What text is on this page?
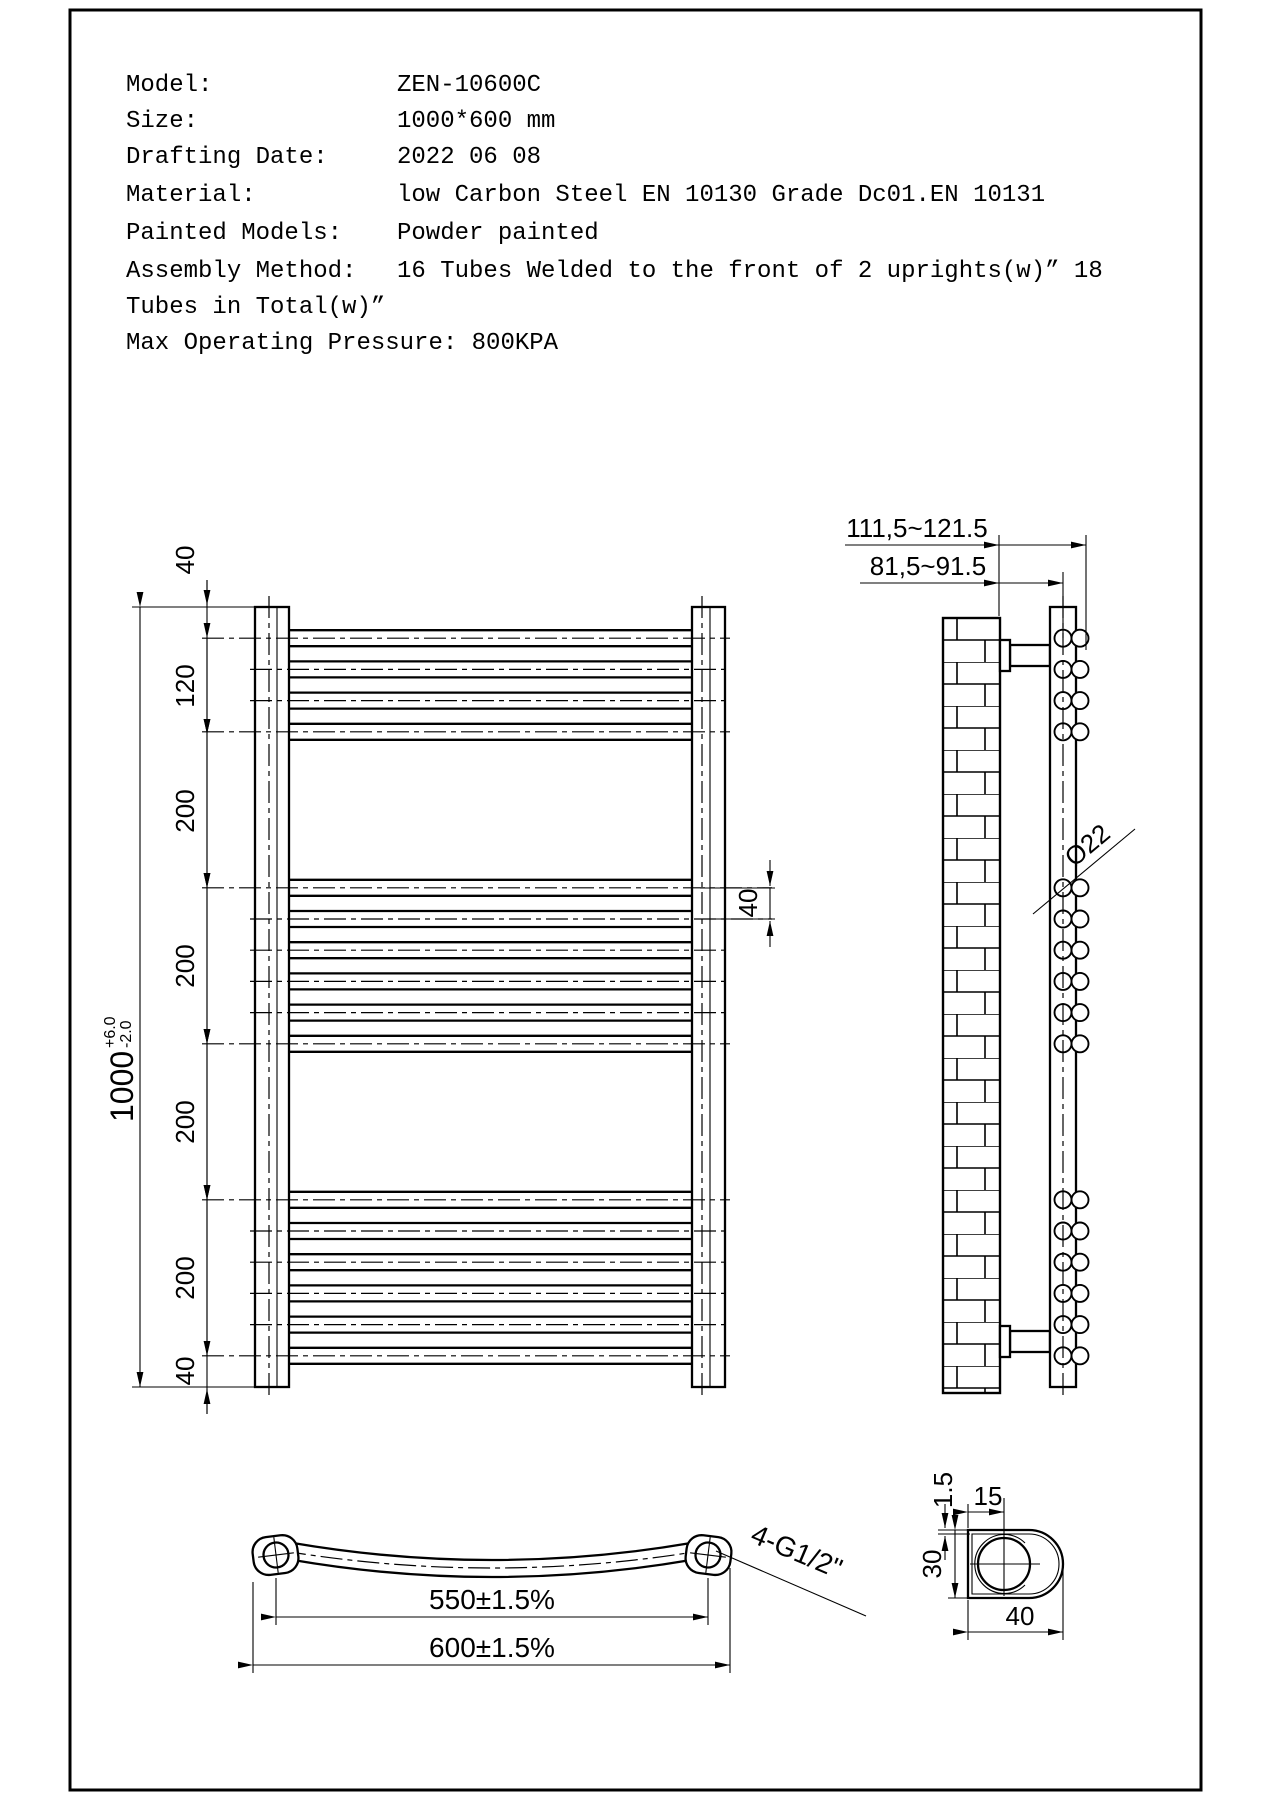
Model:	ZEN-10600C
Size:	1000*600 mm
Drafting Date:	2022 06 08
Material:	low Carbon Steel EN 10130 Grade Dc01.EN 10131
Painted Models: Powder painted
Assembly Method: 16 Tubes Welded to the front of 2 uprights(w)” 18
Tubes in Total(w)”
Max Operating Pressure: 800KPA
1000
+6.0 -2.0
40
120
200
200
200
200
40
40
111,5~121.5
81,5~91.5
Ø22
550±1.5%
600±1.5%
4-G1/2"
15
1.5
30
40
